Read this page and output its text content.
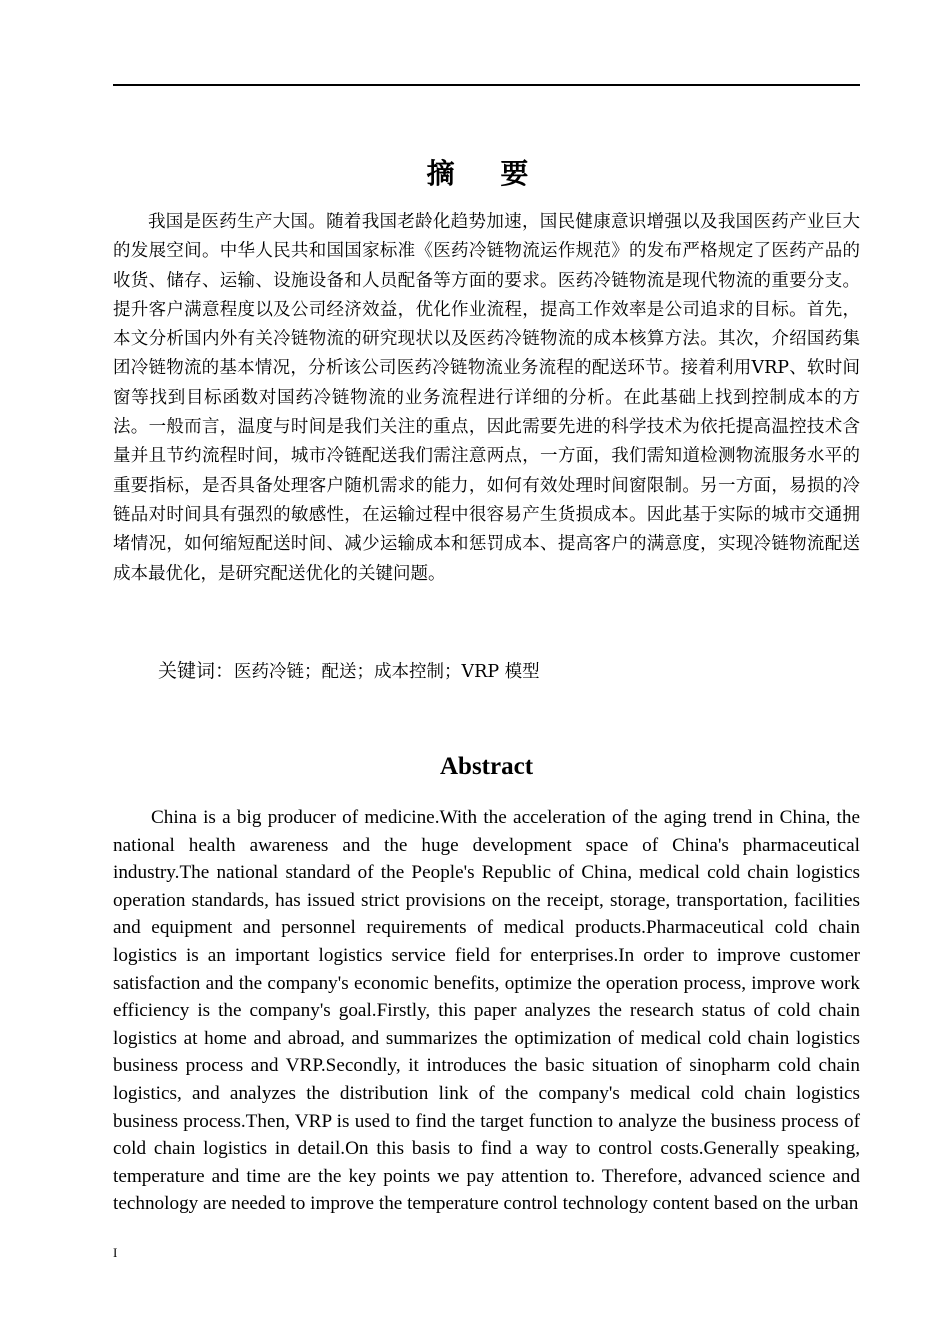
摘 要

我国是医药生产大国。随着我国老龄化趋势加速，国民健康意识增强以及我国医药产业巨大的发展空间。中华人民共和国国家标准《医药冷链物流运作规范》的发布严格规定了医药产品的收货、储存、运输、设施设备和人员配备等方面的要求。医药冷链物流是现代物流的重要分支。提升客户满意程度以及公司经济效益，优化作业流程，提高工作效率是公司追求的目标。首先，本文分析国内外有关冷链物流的研究现状以及医药冷链物流的成本核算方法。其次，介绍国药集团冷链物流的基本情况，分析该公司医药冷链物流业务流程的配送环节。接着利用VRP、软时间窗等找到目标函数对国药冷链物流的业务流程进行详细的分析。在此基础上找到控制成本的方法。一般而言，温度与时间是我们关注的重点，因此需要先进的科学技术为依托提高温控技术含量并且节约流程时间，城市冷链配送我们需注意两点，一方面，我们需知道检测物流服务水平的重要指标，是否具备处理客户随机需求的能力，如何有效处理时间窗限制。另一方面，易损的冷链品对时间具有强烈的敏感性，在运输过程中很容易产生货损成本。因此基于实际的城市交通拥堵情况，如何缩短配送时间、减少运输成本和惩罚成本、提高客户的满意度，实现冷链物流配送成本最优化，是研究配送优化的关键问题。

关键词：医药冷链；配送；成本控制；VRP 模型
Abstract

China is a big producer of medicine.With the acceleration of the aging trend in China, the national health awareness and the huge development space of China's pharmaceutical industry.The national standard of the People's Republic of China, medical cold chain logistics operation standards, has issued strict provisions on the receipt, storage, transportation, facilities and equipment and personnel requirements of medical products.Pharmaceutical cold chain logistics is an important logistics service field for enterprises.In order to improve customer satisfaction and the company's economic benefits, optimize the operation process, improve work efficiency is the company's goal.Firstly, this paper analyzes the research status of cold chain logistics at home and abroad, and summarizes the optimization of medical cold chain logistics business process and VRP.Secondly, it introduces the basic situation of sinopharm cold chain logistics, and analyzes the distribution link of the company's medical cold chain logistics business process.Then, VRP is used to find the target function to analyze the business process of cold chain logistics in detail.On this basis to find a way to control costs.Generally speaking, temperature and time are the key points we pay attention to. Therefore, advanced science and technology are needed to improve the temperature control technology content based on the urban

I
